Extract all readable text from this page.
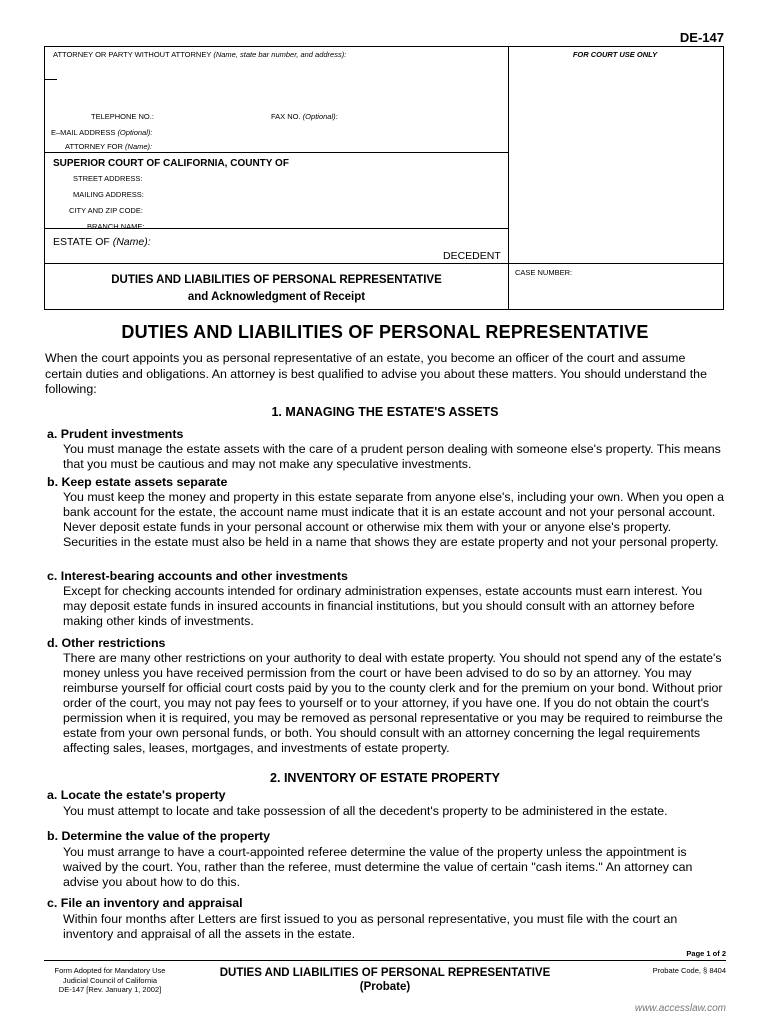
DE-147
ATTORNEY OR PARTY WITHOUT ATTORNEY (Name, state bar number, and address):	FOR COURT USE ONLY
TELEPHONE NO.:	FAX NO. (Optional):
E–MAIL ADDRESS (Optional):
ATTORNEY FOR (Name):
SUPERIOR COURT OF CALIFORNIA, COUNTY OF
STREET ADDRESS:
MAILING ADDRESS:
CITY AND ZIP CODE:
BRANCH NAME:
ESTATE OF (Name):
DECEDENT
DUTIES AND LIABILITIES OF PERSONAL REPRESENTATIVE
and Acknowledgment of Receipt
CASE NUMBER:
DUTIES AND LIABILITIES OF PERSONAL REPRESENTATIVE
When the court appoints you as personal representative of an estate, you become an officer of the court and assume certain duties and obligations. An attorney is best qualified to advise you about these matters. You should understand the following:
1. MANAGING THE ESTATE'S ASSETS
a. Prudent investments
You must manage the estate assets with the care of a prudent person dealing with someone else's property. This means that you must be cautious and may not make any speculative investments.
b. Keep estate assets separate
You must keep the money and property in this estate separate from anyone else's, including your own. When you open a bank account for the estate, the account name must indicate that it is an estate account and not your personal account. Never deposit estate funds in your personal account or otherwise mix them with your or anyone else's property. Securities in the estate must also be held in a name that shows they are estate property and not your personal property.
c. Interest-bearing accounts and other investments
Except for checking accounts intended for ordinary administration expenses, estate accounts must earn interest. You may deposit estate funds in insured accounts in financial institutions, but you should consult with an attorney before making other kinds of investments.
d. Other restrictions
There are many other restrictions on your authority to deal with estate property. You should not spend any of the estate's money unless you have received permission from the court or have been advised to do so by an attorney. You may reimburse yourself for official court costs paid by you to the county clerk and for the premium on your bond. Without prior order of the court, you may not pay fees to yourself or to your attorney, if you have one. If you do not obtain the court's permission when it is required, you may be removed as personal representative or you may be required to reimburse the estate from your own personal funds, or both. You should consult with an attorney concerning the legal requirements affecting sales, leases, mortgages, and investments of estate property.
2. INVENTORY OF ESTATE PROPERTY
a. Locate the estate's property
You must attempt to locate and take possession of all the decedent's property to be administered in the estate.
b. Determine the value of the property
You must arrange to have a court-appointed referee determine the value of the property unless the appointment is waived by the court. You, rather than the referee, must determine the value of certain "cash items." An attorney can advise you about how to do this.
c. File an inventory and appraisal
Within four months after Letters are first issued to you as personal representative, you must file with the court an inventory and appraisal of all the assets in the estate.
Page 1 of 2
Form Adopted for Mandatory Use
Judicial Council of California
DE-147 [Rev. January 1, 2002]
DUTIES AND LIABILITIES OF PERSONAL REPRESENTATIVE
(Probate)
Probate Code, § 8404
www.accesslaw.com
